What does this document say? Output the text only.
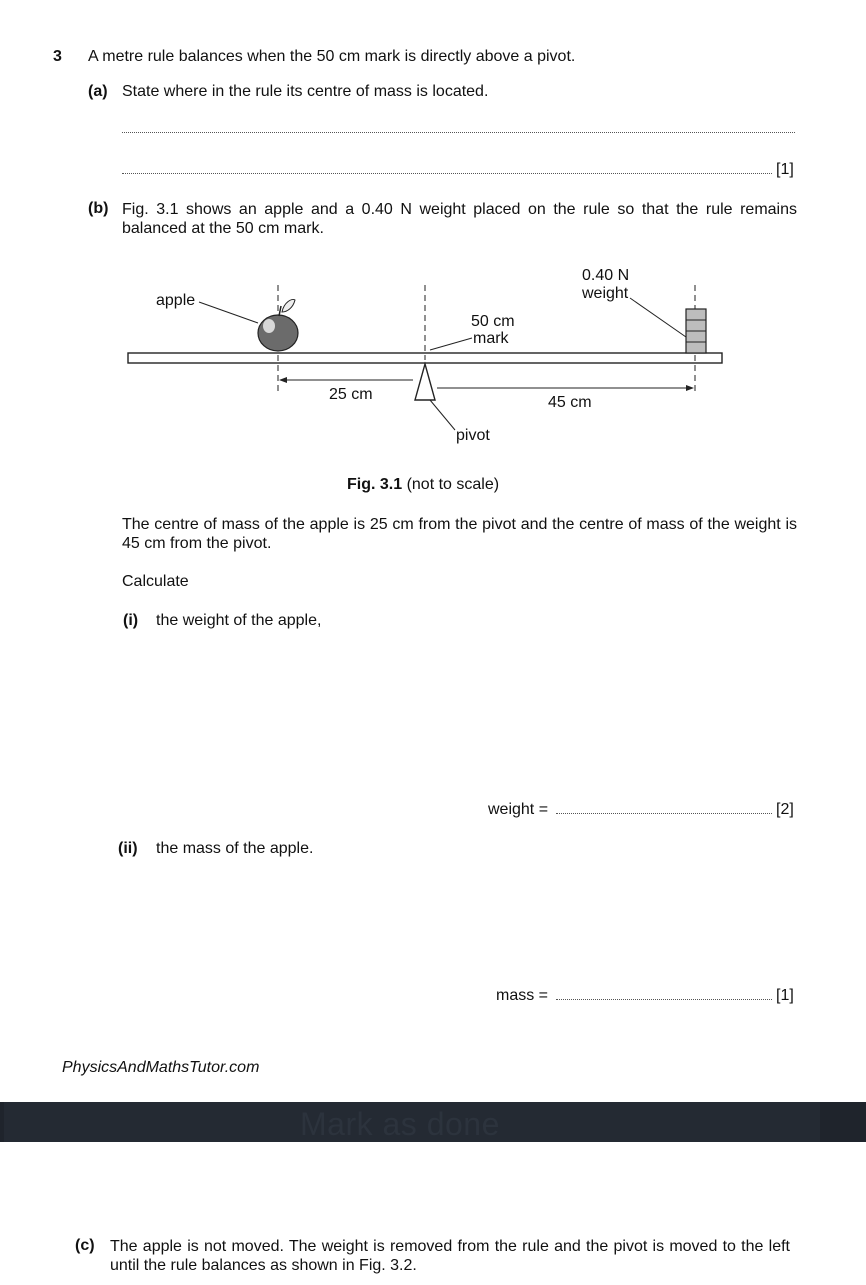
3 A metre rule balances when the 50 cm mark is directly above a pivot.
(a) State where in the rule its centre of mass is located.
[1]
(b) Fig. 3.1 shows an apple and a 0.40 N weight placed on the rule so that the rule remains balanced at the 50 cm mark.
apple
0.40 N
weight
50 cm
mark
25 cm	45 cm
pivot
Fig. 3.1 (not to scale)
The centre of mass of the apple is 25 cm from the pivot and the centre of mass of the weight is 45 cm from the pivot.
Calculate
(i) the weight of the apple,
weight =	[2]
(ii) the mass of the apple.
mass =	[1]
PhysicsAndMathsTutor.com
Mark as done
(c) The apple is not moved. The weight is removed from the rule and the pivot is moved to the left until the rule balances as shown in Fig. 3.2.
